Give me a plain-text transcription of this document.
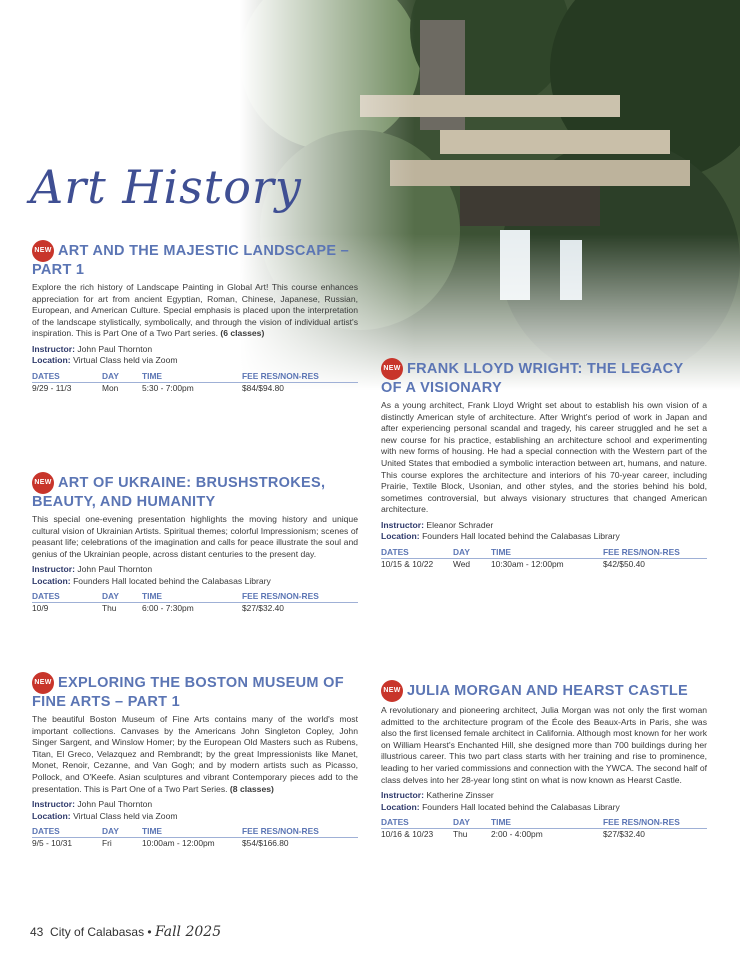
Art History
NEW ART AND THE MAJESTIC LANDSCAPE – PART 1

Explore the rich history of Landscape Painting in Global Art! This course enhances appreciation for art from ancient Egyptian, Roman, Chinese, Japanese, Russian, European, and American Culture. Special emphasis is placed upon the interpretation of the landscape stylistically, symbolically, and through the vision of individual artist's inspiration. This is Part One of a Two Part series. (6 classes)

Instructor: John Paul Thornton
Location: Virtual Class held via Zoom
DATES	DAY	TIME	FEE RES/NON-RES
9/29 - 11/3	Mon	5:30 - 7:00pm	$84/$94.80
NEW ART OF UKRAINE: BRUSHSTROKES, BEAUTY, AND HUMANITY

This special one-evening presentation highlights the moving history and unique cultural vision of Ukrainian Artists. Spiritual themes; colorful Impressionism; scenes of peasant life; celebrations of the imagination and calls for peace illustrate the soul and genius of the Ukrainian people, across distant centuries to the present day.

Instructor: John Paul Thornton
Location: Founders Hall located behind the Calabasas Library
DATES	DAY	TIME	FEE RES/NON-RES
10/9	Thu	6:00 - 7:30pm	$27/$32.40
NEW EXPLORING THE BOSTON MUSEUM OF FINE ARTS – PART 1

The beautiful Boston Museum of Fine Arts contains many of the world's most important collections. Canvases by the Americans John Singleton Copley, John Singer Sargent, and Winslow Homer; by the European Old Masters such as Rubens, Titan, El Greco, Velazquez and Rembrandt; by the great Impressionists like Manet, Monet, Renoir, Cezanne, and Van Gogh; and by modern artists such as Picasso, Pollock, and O'Keefe. Asian sculptures and vibrant Contemporary pieces add to the presentation. This is Part One of a Two Part Series. (8 classes)

Instructor: John Paul Thornton
Location: Virtual Class held via Zoom
DATES	DAY	TIME	FEE RES/NON-RES
9/5 - 10/31	Fri	10:00am - 12:00pm	$54/$166.80
NEW FRANK LLOYD WRIGHT: THE LEGACY OF A VISIONARY

As a young architect, Frank Lloyd Wright set about to establish his own vision of a distinctly American style of architecture. After Wright's period of work in Japan and after experiencing personal scandal and tragedy, his career struggled and he set a new course for his practice, establishing an architecture school and experimenting with new forms of housing. He had a special connection with the Western part of the United States that embodied a symbolic interaction between art, humans, and nature. This course explores the architecture and interiors of his 70-year career, including Prairie, Textile Block, Usonian, and other styles, and the stories behind his bold, sometimes controversial, but always visionary structures that changed American architecture.

Instructor: Eleanor Schrader
Location: Founders Hall located behind the Calabasas Library
DATES	DAY	TIME	FEE RES/NON-RES
10/15 & 10/22	Wed	10:30am - 12:00pm	$42/$50.40
NEW JULIA MORGAN AND HEARST CASTLE

A revolutionary and pioneering architect, Julia Morgan was not only the first woman admitted to the architecture program of the École des Beaux-Arts in Paris, she was also the first licensed female architect in California. Although most known for her work on William Hearst's Enchanted Hill, she designed more than 700 buildings during her illustrious career. This two part class starts with her training and rise to prominence, leading to her varied commissions and connection with the YWCA. The second half of class delves into her 28-year long stint on what is now known as Hearst Castle.

Instructor: Katherine Zinsser
Location: Founders Hall located behind the Calabasas Library
DATES	DAY	TIME	FEE RES/NON-RES
10/16 & 10/23	Thu	2:00 - 4:00pm	$27/$32.40
43 City of Calabasas • Fall 2025
